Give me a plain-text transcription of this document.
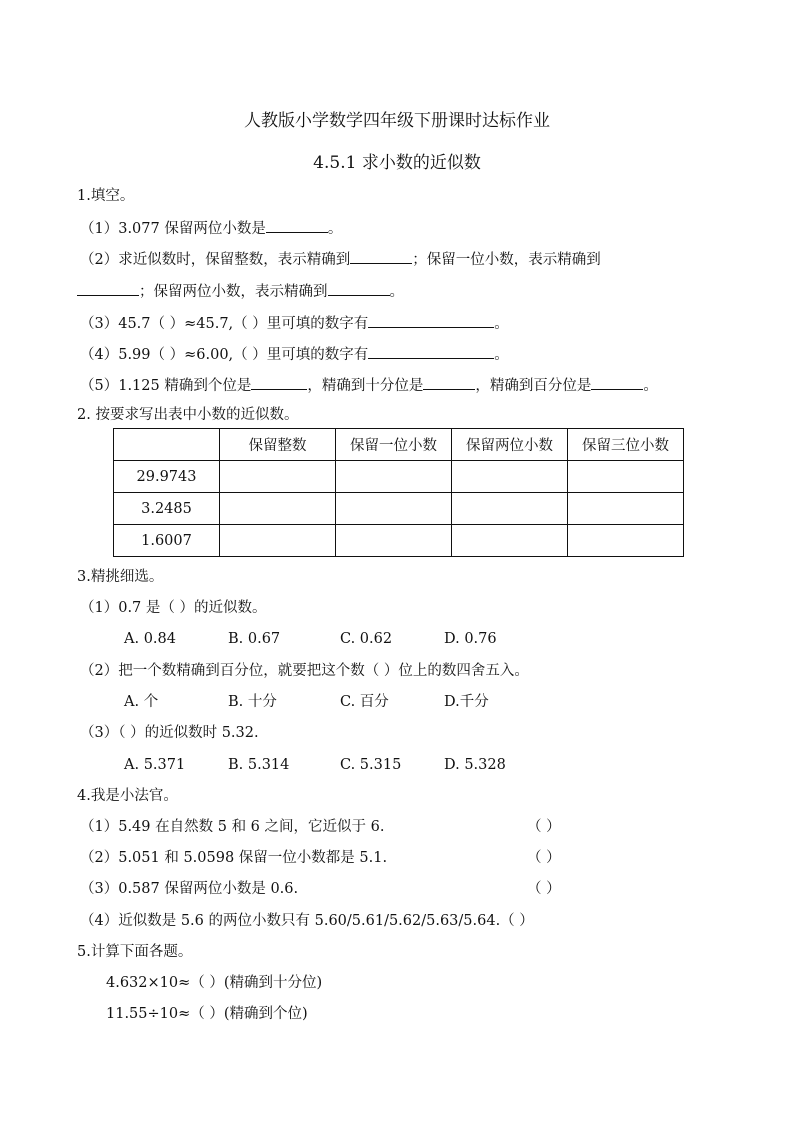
人教版小学数学四年级下册课时达标作业
4.5.1 求小数的近似数
1.填空。
（1）3.077 保留两位小数是	。
（2）求近似数时，保留整数，表示精确到	；保留一位小数，表示精确到
；保留两位小数，表示精确到	。
（3）45.7（ ）≈45.7,（ ）里可填的数字有	。
（4）5.99（ ）≈6.00,（ ）里可填的数字有	。
（5）1.125 精确到个位是	，精确到十分位是	，精确到百分位是	。
2. 按要求写出表中小数的近似数。
	保留整数	保留一位小数	保留两位小数	保留三位小数
29.9743				
3.2485				
1.6007				
3.精挑细选。
（1）0.7 是（ ）的近似数。
A. 0.84	B. 0.67	C. 0.62	D. 0.76
（2）把一个数精确到百分位，就要把这个数（ ）位上的数四舍五入。
A. 个	B. 十分	C. 百分	D.千分
（3）（ ）的近似数时 5.32.
A. 5.371	B. 5.314	C. 5.315	D. 5.328
4.我是小法官。
（1）5.49 在自然数 5 和 6 之间，它近似于 6.	（ ）
（2）5.051 和 5.0598 保留一位小数都是 5.1.	（ ）
（3）0.587 保留两位小数是 0.6.	（ ）
（4）近似数是 5.6 的两位小数只有 5.60/5.61/5.62/5.63/5.64.（ ）
5.计算下面各题。
4.632×10≈（ ）(精确到十分位)
11.55÷10≈（ ）(精确到个位)
